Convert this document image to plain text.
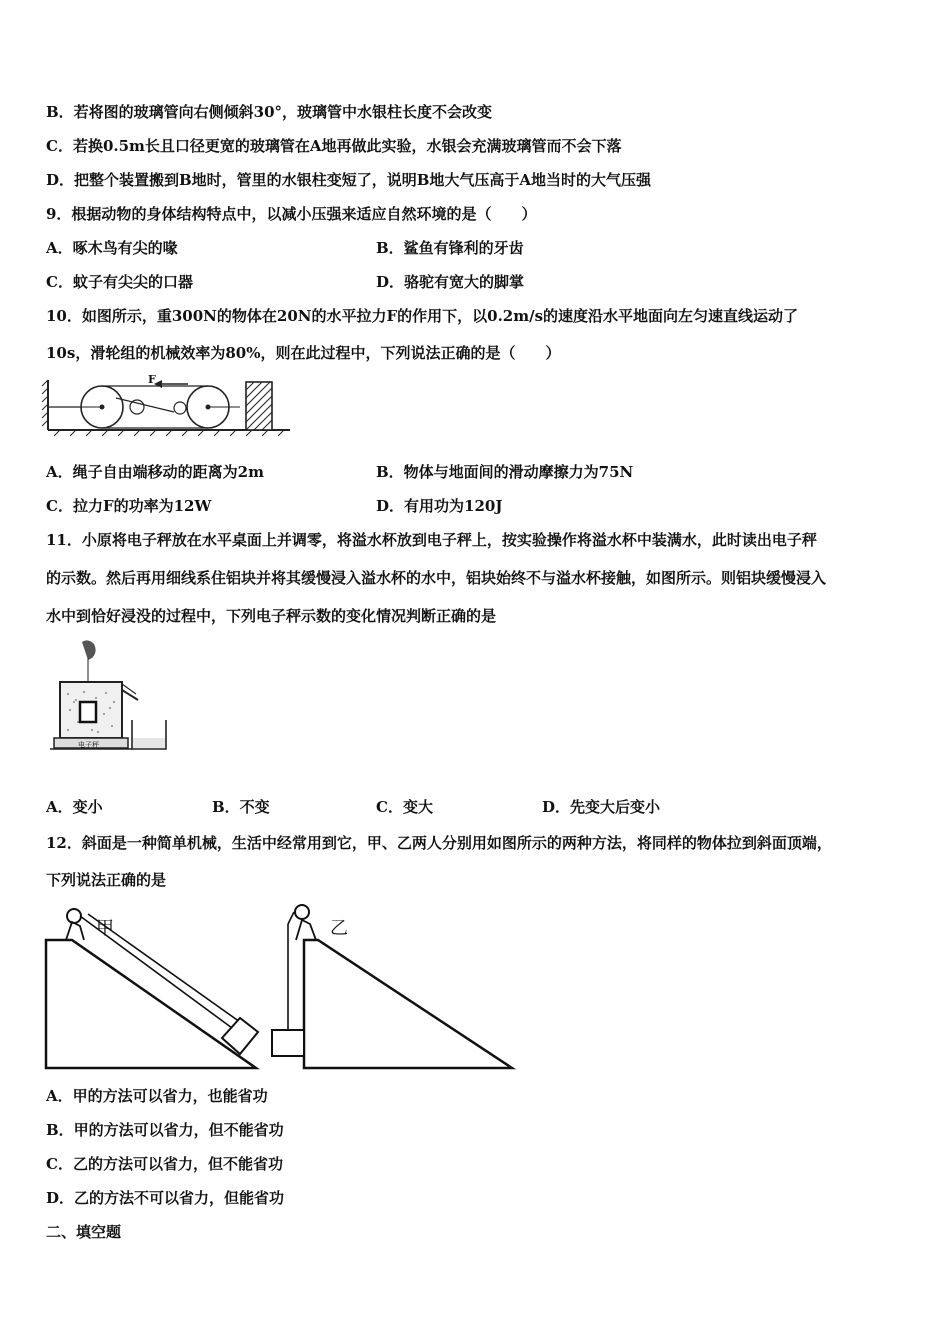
B．若将图的玻璃管向右侧倾斜30°，玻璃管中水银柱长度不会改变
C．若换0.5m长且口径更宽的玻璃管在A地再做此实验，水银会充满玻璃管而不会下落
D．把整个装置搬到B地时，管里的水银柱变短了，说明B地大气压高于A地当时的大气压强
9．根据动物的身体结构特点中，以减小压强来适应自然环境的是（　　）
A．啄木鸟有尖的喙	B．鲨鱼有锋利的牙齿
C．蚊子有尖尖的口器	D．骆驼有宽大的脚掌
10．如图所示，重300N的物体在20N的水平拉力F的作用下，以0.2m/s的速度沿水平地面向左匀速直线运动了
10s，滑轮组的机械效率为80%，则在此过程中，下列说法正确的是（　　）
F
A．绳子自由端移动的距离为2m	B．物体与地面间的滑动摩擦力为75N
C．拉力F的功率为12W	D．有用功为120J
11．小原将电子秤放在水平桌面上并调零，将溢水杯放到电子秤上，按实验操作将溢水杯中装满水，此时读出电子秤
的示数。然后再用细线系住铝块并将其缓慢浸入溢水杯的水中，铝块始终不与溢水杯接触，如图所示。则铝块缓慢浸入
水中到恰好浸没的过程中，下列电子秤示数的变化情况判断正确的是
电子秤
A．变小	B．不变	C．变大	D．先变大后变小
12．斜面是一种简单机械，生活中经常用到它，甲、乙两人分别用如图所示的两种方法，将同样的物体拉到斜面顶端，
下列说法正确的是
甲	乙
A．甲的方法可以省力，也能省功
B．甲的方法可以省力，但不能省功
C．乙的方法可以省力，但不能省功
D．乙的方法不可以省力，但能省功
二、填空题
